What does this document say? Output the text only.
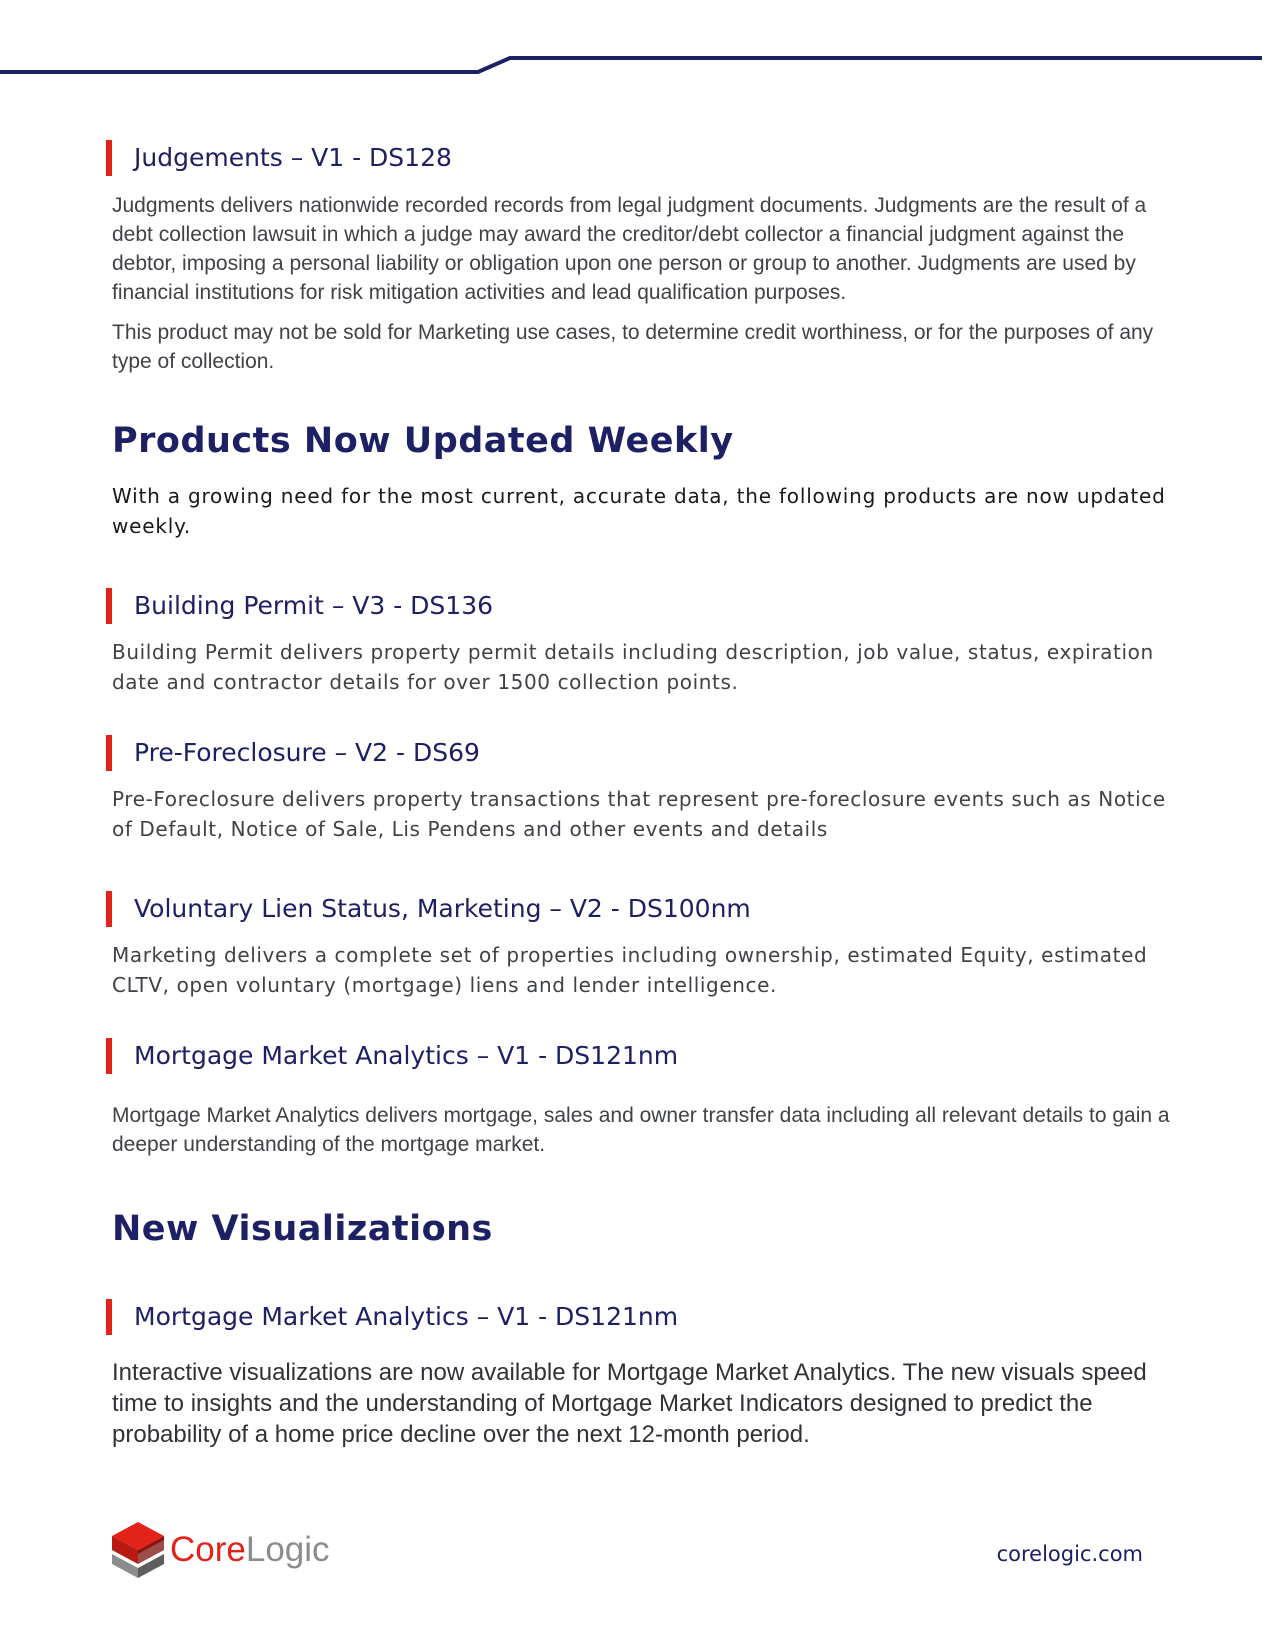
Judgements – V1 - DS128

Judgments delivers nationwide recorded records from legal judgment documents. Judgments are the result of a debt collection lawsuit in which a judge may award the creditor/debt collector a financial judgment against the debtor, imposing a personal liability or obligation upon one person or group to another. Judgments are used by financial institutions for risk mitigation activities and lead qualification purposes.

This product may not be sold for Marketing use cases, to determine credit worthiness, or for the purposes of any type of collection.

Products Now Updated Weekly
With a growing need for the most current, accurate data, the following products are now updated weekly.
Building Permit – V3 - DS136
Building Permit delivers property permit details including description, job value, status, expiration date and contractor details for over 1500 collection points.
Pre-Foreclosure – V2 - DS69
Pre-Foreclosure delivers property transactions that represent pre-foreclosure events such as Notice of Default, Notice of Sale, Lis Pendens and other events and details
Voluntary Lien Status, Marketing – V2 - DS100nm
Marketing delivers a complete set of properties including ownership, estimated Equity, estimated CLTV, open voluntary (mortgage) liens and lender intelligence.
Mortgage Market Analytics – V1 - DS121nm
Mortgage Market Analytics delivers mortgage, sales and owner transfer data including all relevant details to gain a deeper understanding of the mortgage market.
New Visualizations
Mortgage Market Analytics – V1 - DS121nm
Interactive visualizations are now available for Mortgage Market Analytics. The new visuals speed time to insights and the understanding of Mortgage Market Indicators designed to predict the probability of a home price decline over the next 12-month period.
CoreLogic	corelogic.com
